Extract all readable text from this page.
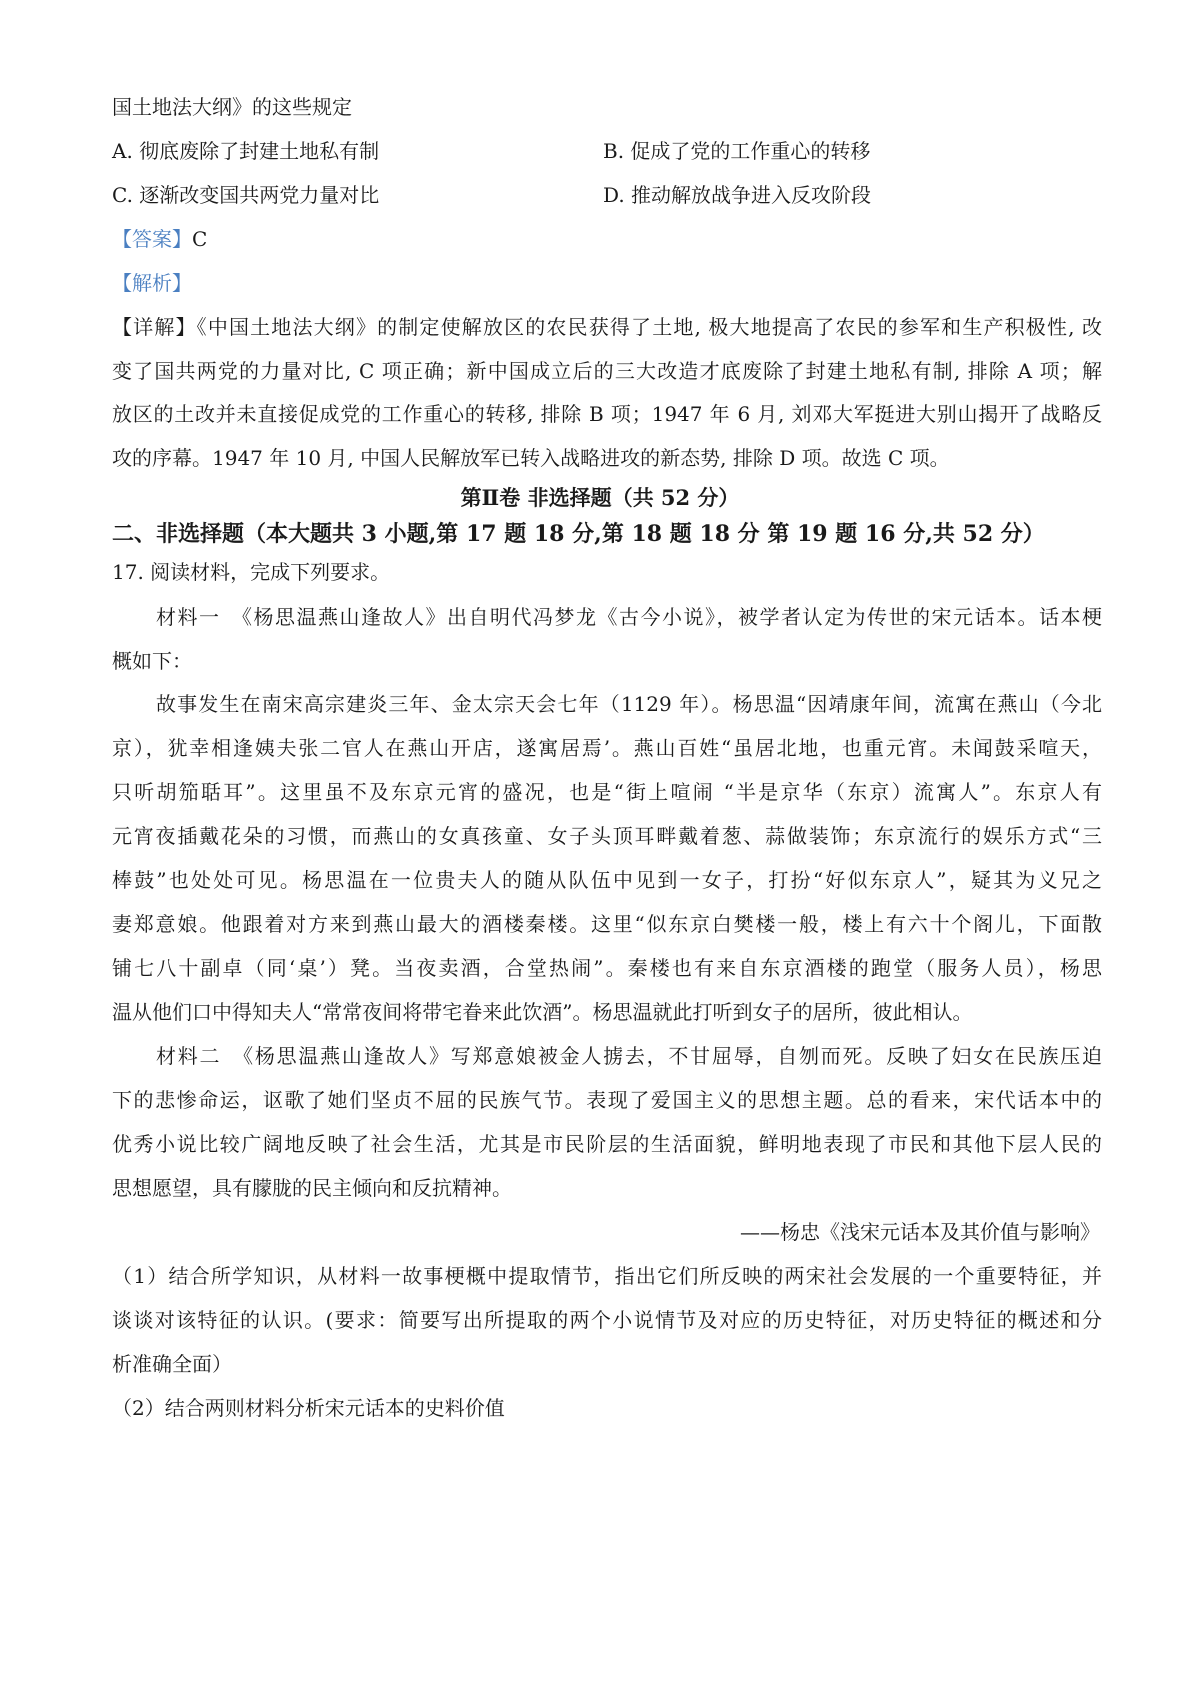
国土地法大纲》的这些规定
A. 彻底废除了封建土地私有制	B. 促成了党的工作重心的转移
C. 逐渐改变国共两党力量对比	D. 推动解放战争进入反攻阶段
【答案】C
【解析】
【详解】《中国土地法大纲》的制定使解放区的农民获得了土地, 极大地提高了农民的参军和生产积极性, 改
变了国共两党的力量对比, C 项正确；新中国成立后的三大改造才底废除了封建土地私有制, 排除 A 项；解
放区的土改并未直接促成党的工作重心的转移, 排除 B 项；1947 年 6 月, 刘邓大军挺进大别山揭开了战略反
攻的序幕。1947 年 10 月, 中国人民解放军已转入战略进攻的新态势, 排除 D 项。故选 C 项。
第Ⅱ卷 非选择题（共 52 分）
二、非选择题（本大题共 3 小题,第 17 题 18 分,第 18 题 18 分 第 19 题 16 分,共 52 分）
17. 阅读材料，完成下列要求。
材料一　《杨思温燕山逢故人》出自明代冯梦龙《古今小说》，被学者认定为传世的宋元话本。话本梗
概如下：
故事发生在南宋高宗建炎三年、金太宗天会七年（1129 年）。杨思温“因靖康年间，流寓在燕山（今北
京），犹幸相逢姨夫张二官人在燕山开店，遂寓居焉’。燕山百姓“虽居北地，也重元宵。未闻鼓采喧天，
只听胡笳聒耳”。这里虽不及东京元宵的盛况，也是“街上喧闹 “半是京华（东京）流寓人”。东京人有
元宵夜插戴花朵的习惯，而燕山的女真孩童、女子头顶耳畔戴着葱、蒜做装饰；东京流行的娱乐方式“三
棒鼓”也处处可见。杨思温在一位贵夫人的随从队伍中见到一女子，打扮“好似东京人”，疑其为义兄之
妻郑意娘。他跟着对方来到燕山最大的酒楼秦楼。这里“似东京白樊楼一般，楼上有六十个阁儿，下面散
铺七八十副卓（同‘桌’）凳。当夜卖酒，合堂热闹”。秦楼也有来自东京酒楼的跑堂（服务人员），杨思
温从他们口中得知夫人“常常夜间将带宅眷来此饮酒”。杨思温就此打听到女子的居所，彼此相认。
材料二　《杨思温燕山逢故人》写郑意娘被金人掳去，不甘屈辱，自刎而死。反映了妇女在民族压迫
下的悲惨命运，讴歌了她们坚贞不屈的民族气节。表现了爱国主义的思想主题。总的看来，宋代话本中的
优秀小说比较广阔地反映了社会生活，尤其是市民阶层的生活面貌，鲜明地表现了市民和其他下层人民的
思想愿望，具有朦胧的民主倾向和反抗精神。
——杨忠《浅宋元话本及其价值与影响》
（1）结合所学知识，从材料一故事梗概中提取情节，指出它们所反映的两宋社会发展的一个重要特征，并
谈谈对该特征的认识。(要求：简要写出所提取的两个小说情节及对应的历史特征，对历史特征的概述和分
析准确全面）
（2）结合两则材料分析宋元话本的史料价值
